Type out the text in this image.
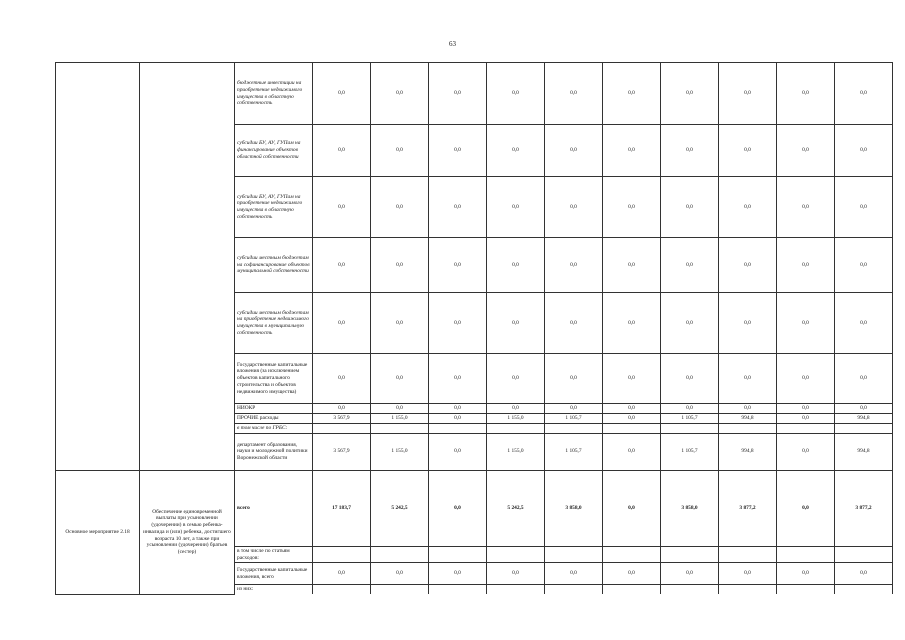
63
		бюджетные инвестиции на приобретение недвижимого имущества в областную собственность	0,0	0,0	0,0	0,0	0,0	0,0	0,0	0,0	0,0	0,0
		субсидии БУ, АУ, ГУПам на финансирование объектов областной собственности	0,0	0,0	0,0	0,0	0,0	0,0	0,0	0,0	0,0	0,0
		субсидии БУ, АУ, ГУПам на приобретение недвижимого имущества в областную собственность	0,0	0,0	0,0	0,0	0,0	0,0	0,0	0,0	0,0	0,0
		субсидии местным бюджетам на софинансирование объектов муниципальной собственности	0,0	0,0	0,0	0,0	0,0	0,0	0,0	0,0	0,0	0,0
		субсидии местным бюджетам на приобретение недвижимого имущества в муниципальную собственность	0,0	0,0	0,0	0,0	0,0	0,0	0,0	0,0	0,0	0,0
		Государственные капитальные вложения (за исключением объектов капитального строительства и объектов недвижимого имущества)	0,0	0,0	0,0	0,0	0,0	0,0	0,0	0,0	0,0	0,0
		НИОКР	0,0	0,0	0,0	0,0	0,0	0,0	0,0	0,0	0,0	0,0
		ПРОЧИЕ расходы	3 567,9	1 155,0	0,0	1 155,0	1 105,7	0,0	1 105,7	994,8	0,0	994,8
		в том числе по ГРБС:										
		департамент образования, науки и молодежной политики Воронежской области	3 567,9	1 155,0	0,0	1 155,0	1 105,7	0,0	1 105,7	994,8	0,0	994,8
Основное мероприятие 2.18	Обеспечение единовременной выплаты при усыновлении (удочерении) в семью ребенка-инвалида и (или) ребенка, достигшего возраста 10 лет, а также при усыновлении (удочерении) братьев (сестер)	всего	17 183,7	5 242,5	0,0	5 242,5	3 858,0	0,0	3 858,0	3 877,2	0,0	3 877,2
		в том числе по статьям расходов:										
		Государственные капитальные вложения, всего	0,0	0,0	0,0	0,0	0,0	0,0	0,0	0,0	0,0	0,0
		из них:										
